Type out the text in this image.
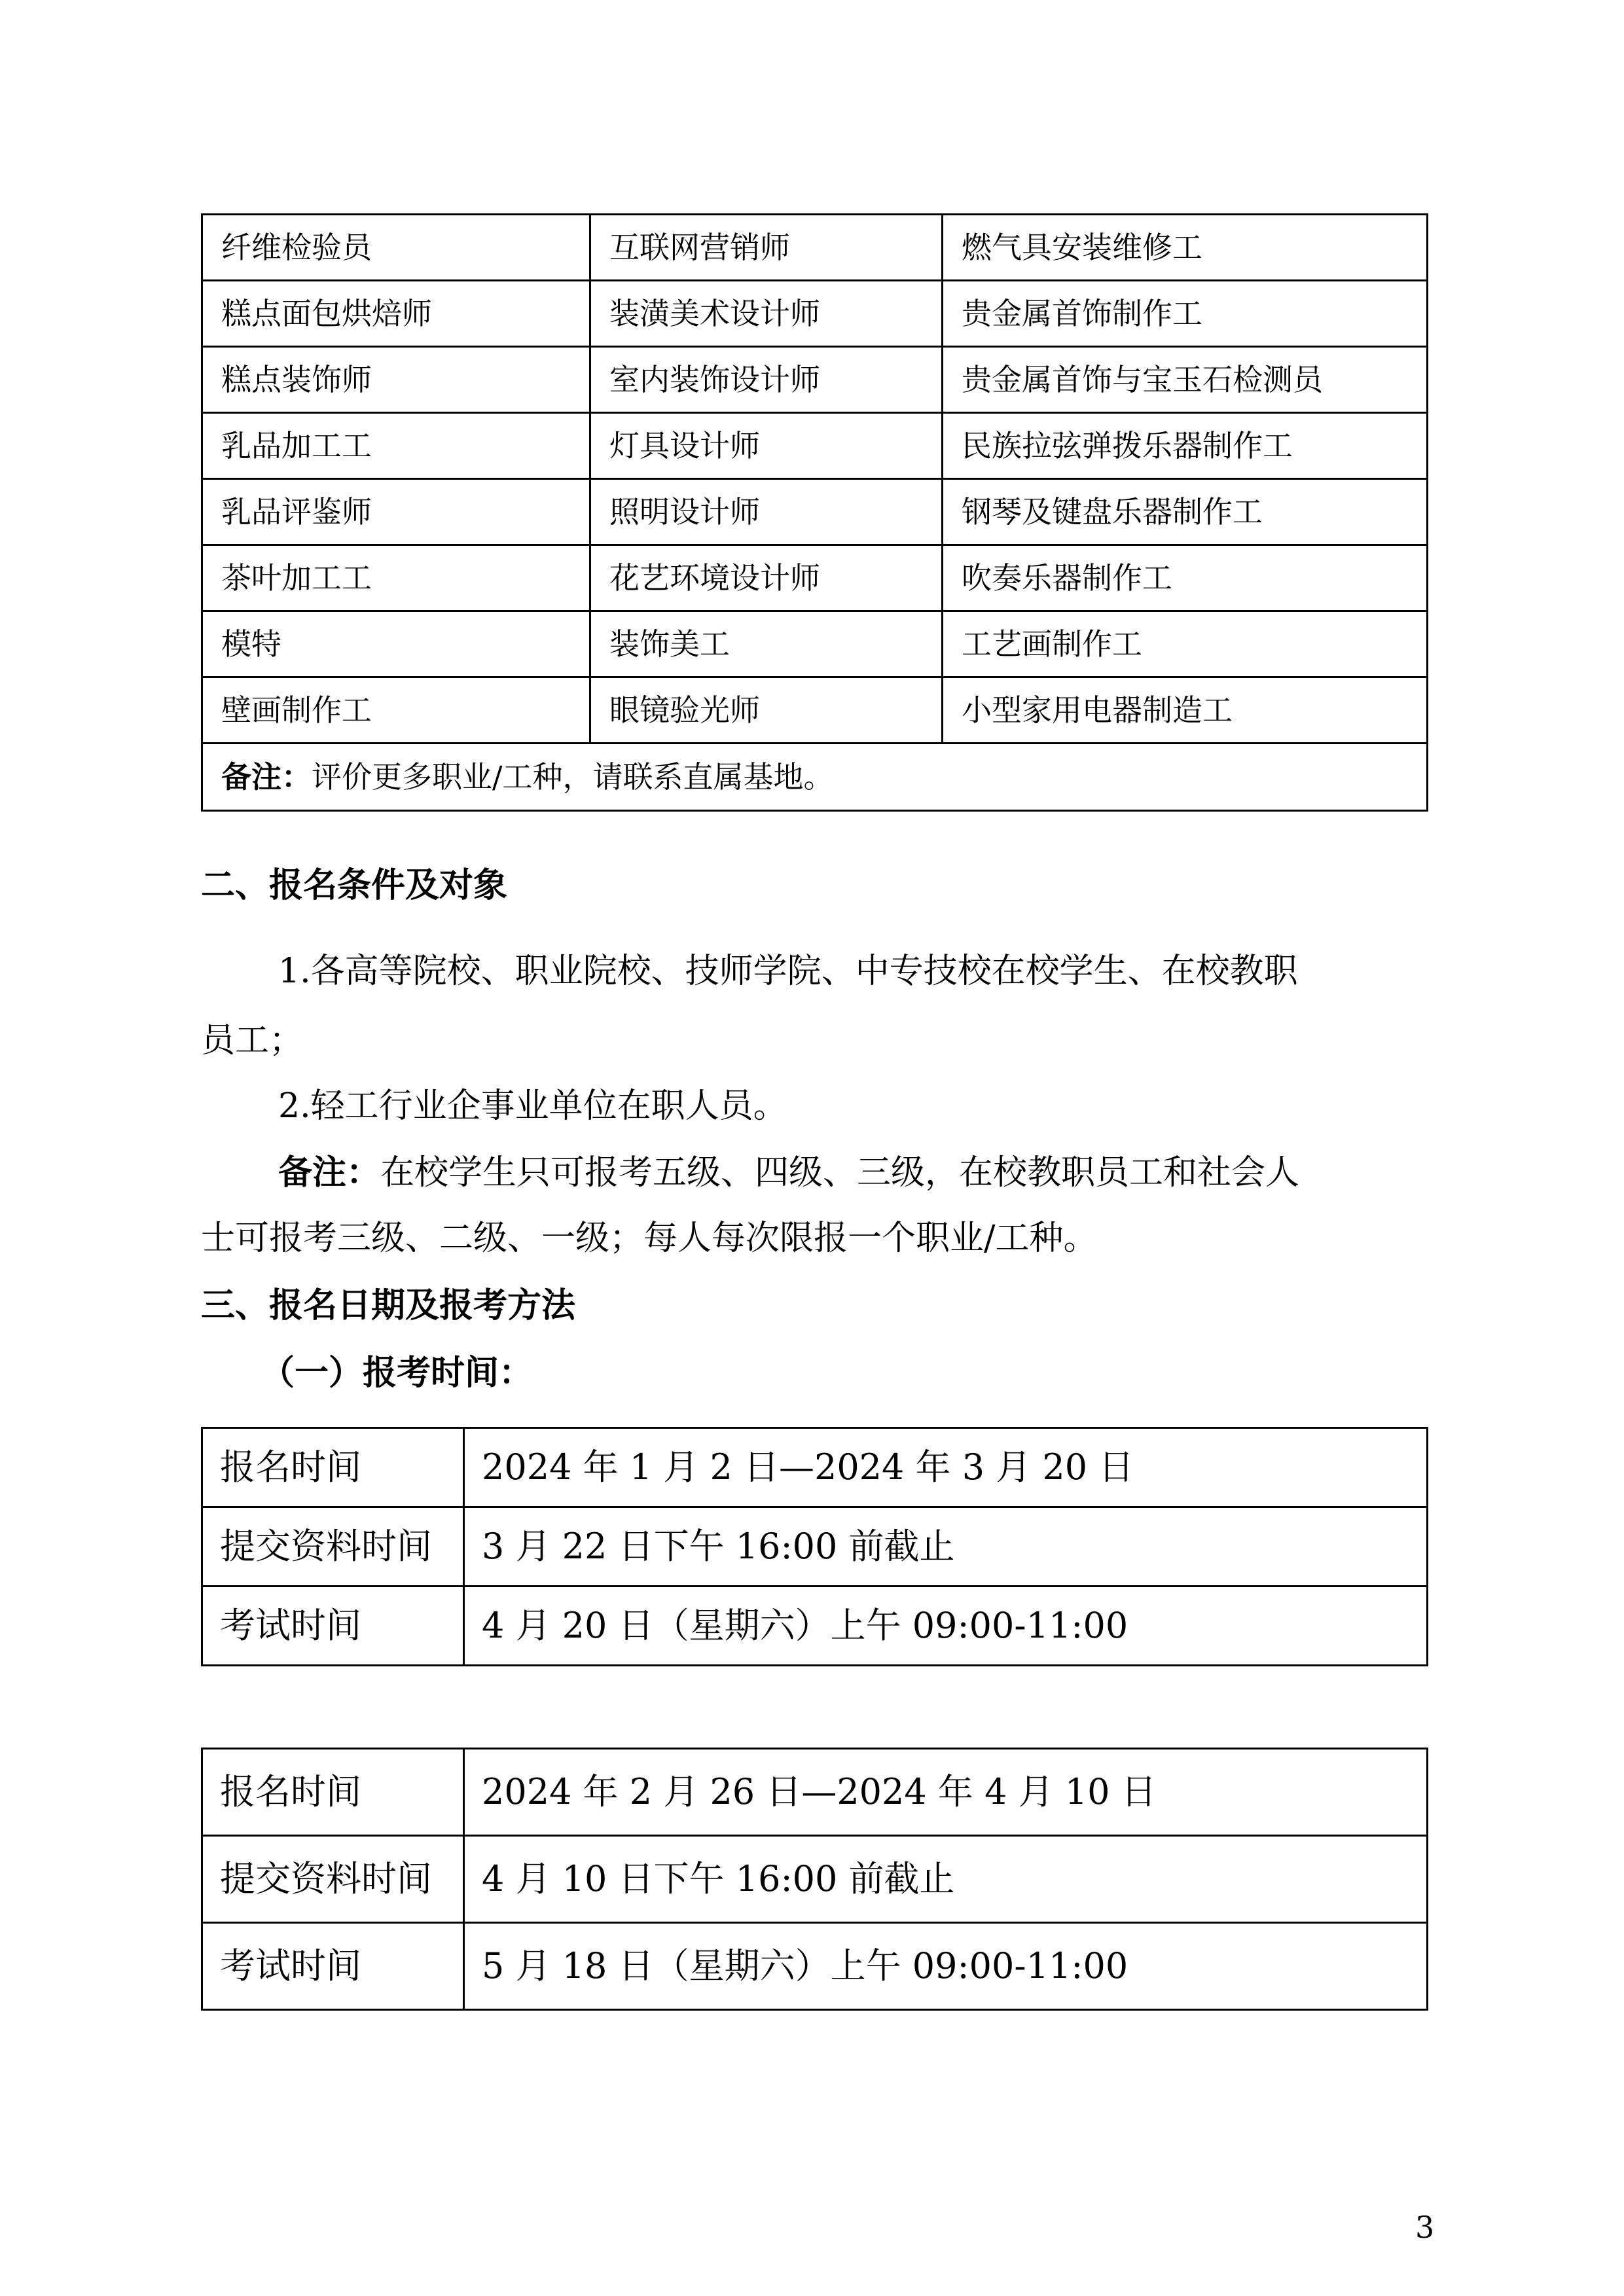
纤维检验员	互联网营销师	燃气具安装维修工
糕点面包烘焙师	装潢美术设计师	贵金属首饰制作工
糕点装饰师	室内装饰设计师	贵金属首饰与宝玉石检测员
乳品加工工	灯具设计师	民族拉弦弹拨乐器制作工
乳品评鉴师	照明设计师	钢琴及键盘乐器制作工
茶叶加工工	花艺环境设计师	吹奏乐器制作工
模特	装饰美工	工艺画制作工
壁画制作工	眼镜验光师	小型家用电器制造工
备注：评价更多职业/工种，请联系直属基地。		
二、报名条件及对象
1.各高等院校、职业院校、技师学院、中专技校在校学生、在校教职
员工；
2.轻工行业企事业单位在职人员。
备注：在校学生只可报考五级、四级、三级，在校教职员工和社会人
士可报考三级、二级、一级；每人每次限报一个职业/工种。
三、报名日期及报考方法
（一）报考时间：
报名时间	2024 年 1 月 2 日—2024 年 3 月 20 日
提交资料时间	3 月 22 日下午 16:00 前截止
考试时间	4 月 20 日（星期六）上午 09:00-11:00
报名时间	2024 年 2 月 26 日—2024 年 4 月 10 日
提交资料时间	4 月 10 日下午 16:00 前截止
考试时间	5 月 18 日（星期六）上午 09:00-11:00
3
